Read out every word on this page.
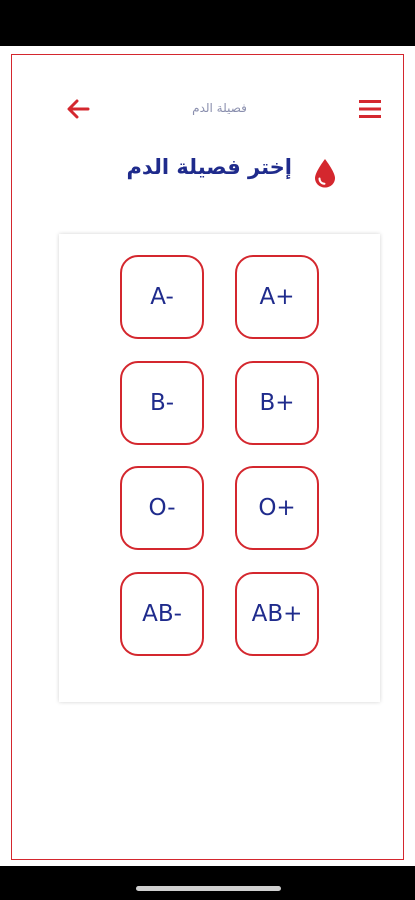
فصيلة الدم
إختر فصيلة الدم
A-	A+
B-	B+
O-	O+
AB-	AB+
